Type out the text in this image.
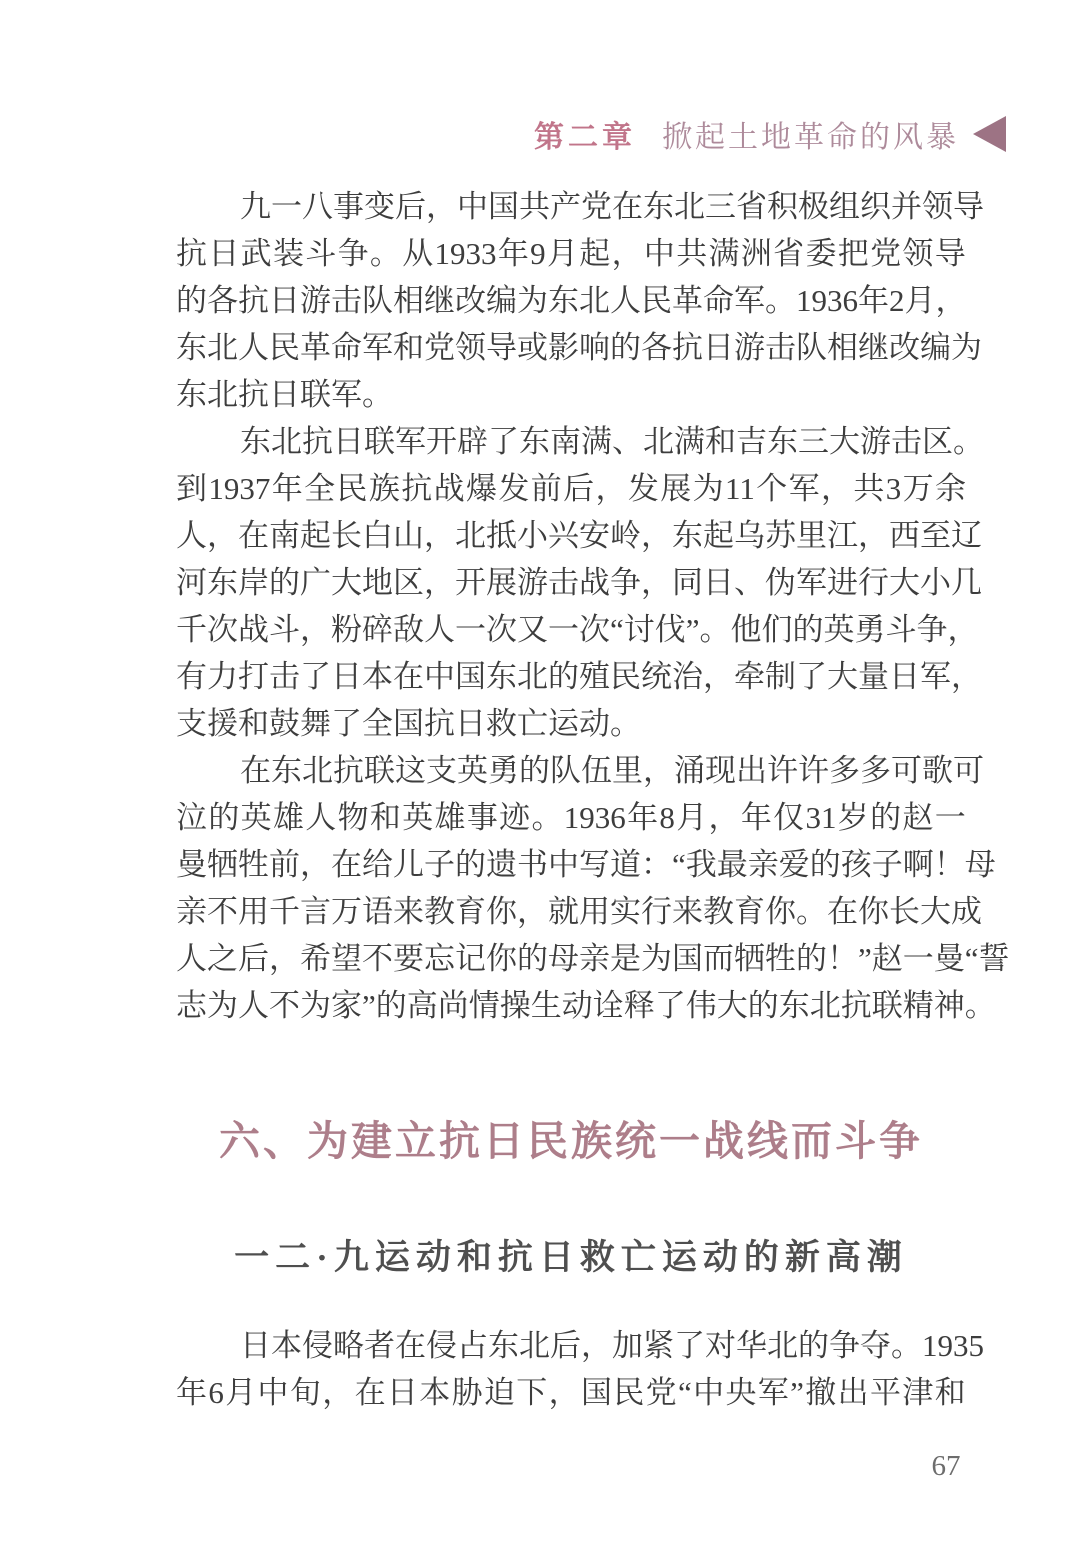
第二章 掀起土地革命的风暴
九 一 八 事 变 后 ， 中 国 共 产 党 在 东 北 三 省 积 极 组 织 并 领 导
抗 日 武 装 斗 争 。 从 1933 年 9 月 起 ， 中 共 满 洲 省 委 把 党 领 导
的 各 抗 日 游 击 队 相 继 改 编 为 东 北 人 民 革 命 军 。 1936 年 2 月 ，
东 北 人 民 革 命 军 和 党 领 导 或 影 响 的 各 抗 日 游 击 队 相 继 改 编 为
东北抗日联军。
东 北 抗 日 联 军 开 辟 了 东 南 满 、 北 满 和 吉 东 三 大 游 击 区 。
到 1937 年 全 民 族 抗 战 爆 发 前 后 ， 发 展 为 11 个 军 ， 共 3 万 余
人 ， 在 南 起 长 白 山 ， 北 抵 小 兴 安 岭 ， 东 起 乌 苏 里 江 ， 西 至 辽
河 东 岸 的 广 大 地 区 ， 开 展 游 击 战 争 ， 同 日 、 伪 军 进 行 大 小 几
千 次 战 斗 ， 粉 碎 敌 人 一 次 又 一 次 “ 讨 伐 ” 。 他 们 的 英 勇 斗 争 ，
有 力 打 击 了 日 本 在 中 国 东 北 的 殖 民 统 治 ， 牵 制 了 大 量 日 军 ，
支援和鼓舞了全国抗日救亡运动。
在 东 北 抗 联 这 支 英 勇 的 队 伍 里 ， 涌 现 出 许 许 多 多 可 歌 可
泣 的 英 雄 人 物 和 英 雄 事 迹 。 1936 年 8 月 ， 年 仅 31 岁 的 赵 一
曼 牺 牲 前 ， 在 给 儿 子 的 遗 书 中 写 道 ： “ 我 最 亲 爱 的 孩 子 啊 ！ 母
亲 不 用 千 言 万 语 来 教 育 你 ， 就 用 实 行 来 教 育 你 。 在 你 长 大 成
人 之 后 ， 希 望 不 要 忘 记 你 的 母 亲 是 为 国 而 牺 牲 的 ！ ” 赵 一 曼 “ 誓
志 为 人 不 为 家 ” 的 高 尚 情 操 生 动 诠 释 了 伟 大 的 东 北 抗 联 精 神 。
六、为建立抗日民族统一战线而斗争
一二·九运动和抗日救亡运动的新高潮
日 本 侵 略 者 在 侵 占 东 北 后 ， 加 紧 了 对 华 北 的 争 夺 。 1935
年 6 月 中 旬 ， 在 日 本 胁 迫 下 ， 国 民 党 “ 中 央 军 ” 撤 出 平 津 和
67
